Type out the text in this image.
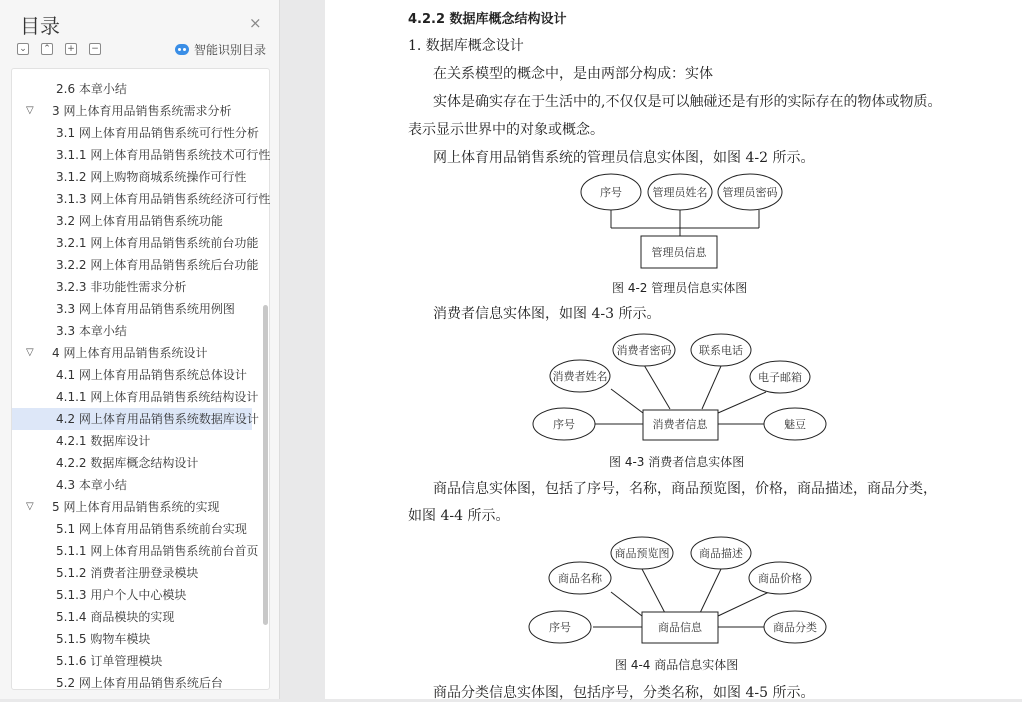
目录	×
⌄ ⌃ + −	智能识别目录
2.6 本章小结
▽ 3 网上体育用品销售系统需求分析
3.1 网上体育用品销售系统可行性分析
3.1.1 网上体育用品销售系统技术可行性
3.1.2 网上购物商城系统操作可行性
3.1.3 网上体育用品销售系统经济可行性
3.2 网上体育用品销售系统功能
3.2.1 网上体育用品销售系统前台功能
3.2.2 网上体育用品销售系统后台功能
3.2.3 非功能性需求分析
3.3 网上体育用品销售系统用例图
3.3 本章小结
▽ 4 网上体育用品销售系统设计
4.1 网上体育用品销售系统总体设计
4.1.1 网上体育用品销售系统结构设计
4.2 网上体育用品销售系统数据库设计
4.2.1 数据库设计
4.2.2 数据库概念结构设计
4.3 本章小结
▽ 5 网上体育用品销售系统的实现
5.1 网上体育用品销售系统前台实现
5.1.1 网上体育用品销售系统前台首页
5.1.2 消费者注册登录模块
5.1.3 用户个人中心模块
5.1.4 商品模块的实现
5.1.5 购物车模块
5.1.6 订单管理模块
5.2 网上体育用品销售系统后台
4.2.2 数据库概念结构设计
1. 数据库概念设计
在关系模型的概念中，是由两部分构成：实体
实体是确实存在于生活中的,不仅仅是可以触碰还是有形的实际存在的物体或物质。
表示显示世界中的对象或概念。
网上体育用品销售系统的管理员信息实体图，如图 4-2 所示。
序号	管理员姓名 管理员密码
管理员信息
图 4-2 管理员信息实体图
消费者信息实体图，如图 4-3 所示。
消费者信息
消费者密码	联系电话
消费者姓名	电子邮箱
序号	魅豆
图 4-3 消费者信息实体图
商品信息实体图，包括了序号，名称，商品预览图，价格，商品描述，商品分类，
如图 4-4 所示。
商品信息
商品预览图	商品描述
商品名称	商品价格
序号	商品分类
图 4-4 商品信息实体图
商品分类信息实体图，包括序号，分类名称，如图 4-5 所示。
